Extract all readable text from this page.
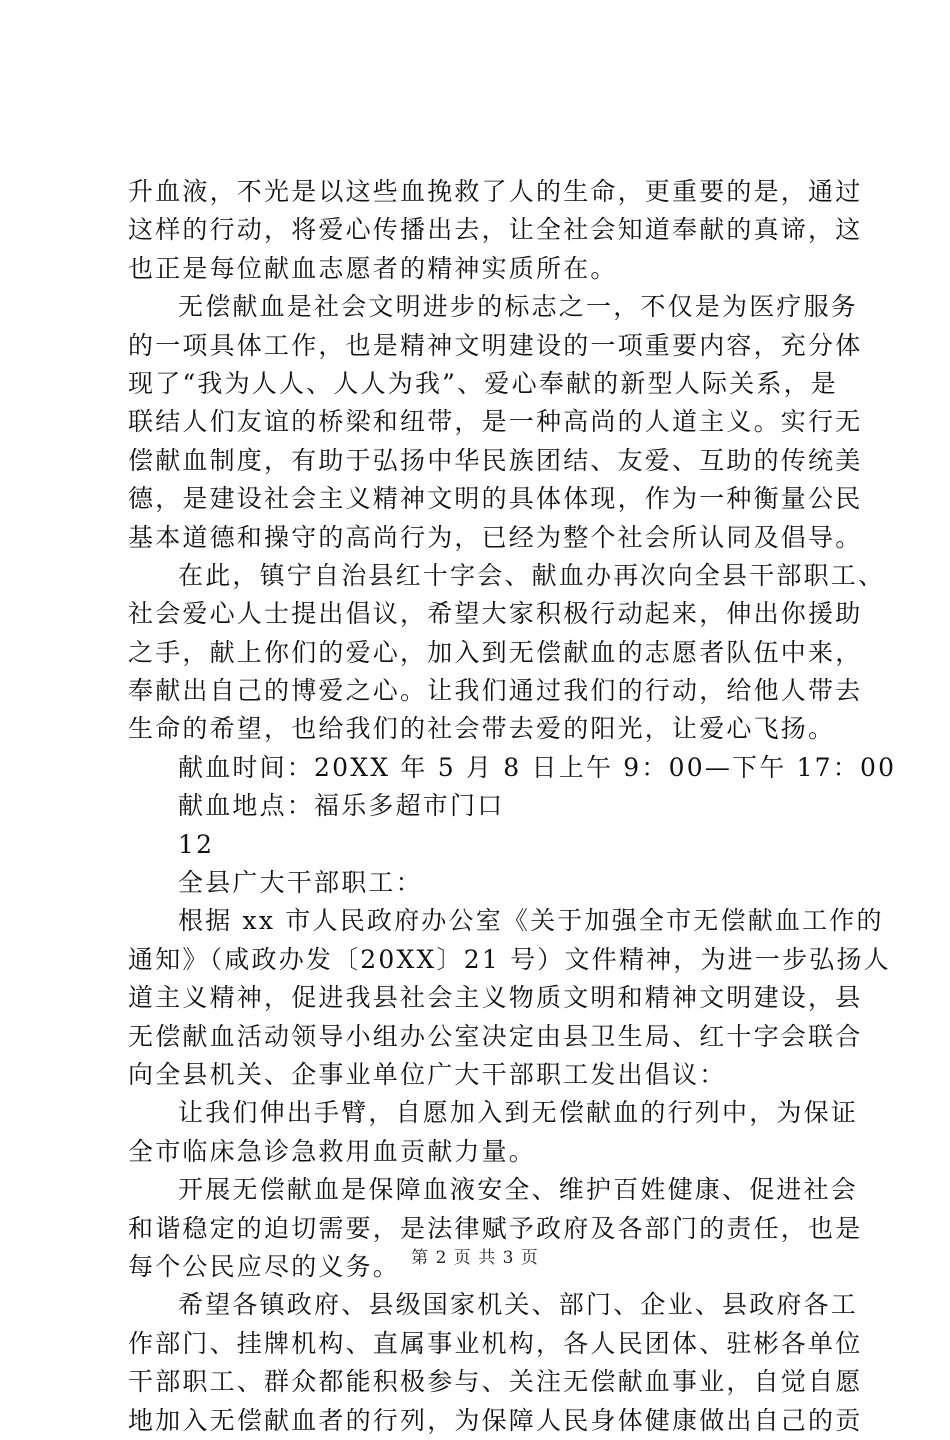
升血液，不光是以这些血挽救了人的生命，更重要的是，通过
这样的行动，将爱心传播出去，让全社会知道奉献的真谛，这
也正是每位献血志愿者的精神实质所在。
无偿献血是社会文明进步的标志之一，不仅是为医疗服务
的一项具体工作，也是精神文明建设的一项重要内容，充分体
现了“我为人人、人人为我”、爱心奉献的新型人际关系，是
联结人们友谊的桥梁和纽带，是一种高尚的人道主义。实行无
偿献血制度，有助于弘扬中华民族团结、友爱、互助的传统美
德，是建设社会主义精神文明的具体体现，作为一种衡量公民
基本道德和操守的高尚行为，已经为整个社会所认同及倡导。
在此，镇宁自治县红十字会、献血办再次向全县干部职工、
社会爱心人士提出倡议，希望大家积极行动起来，伸出你援助
之手，献上你们的爱心，加入到无偿献血的志愿者队伍中来，
奉献出自己的博爱之心。让我们通过我们的行动，给他人带去
生命的希望，也给我们的社会带去爱的阳光，让爱心飞扬。
献血时间：20XX 年 5 月 8 日上午 9：00—下午 17：00
献血地点：福乐多超市门口
12
全县广大干部职工：
根据 xx 市人民政府办公室《关于加强全市无偿献血工作的
通知》（咸政办发〔20XX〕21 号）文件精神，为进一步弘扬人
道主义精神，促进我县社会主义物质文明和精神文明建设，县
无偿献血活动领导小组办公室决定由县卫生局、红十字会联合
向全县机关、企事业单位广大干部职工发出倡议：
让我们伸出手臂，自愿加入到无偿献血的行列中，为保证
全市临床急诊急救用血贡献力量。
开展无偿献血是保障血液安全、维护百姓健康、促进社会
和谐稳定的迫切需要，是法律赋予政府及各部门的责任，也是
每个公民应尽的义务。
希望各镇政府、县级国家机关、部门、企业、县政府各工
作部门、挂牌机构、直属事业机构，各人民团体、驻彬各单位
干部职工、群众都能积极参与、关注无偿献血事业，自觉自愿
地加入无偿献血者的行列，为保障人民身体健康做出自己的贡
第 2 页 共 3 页
